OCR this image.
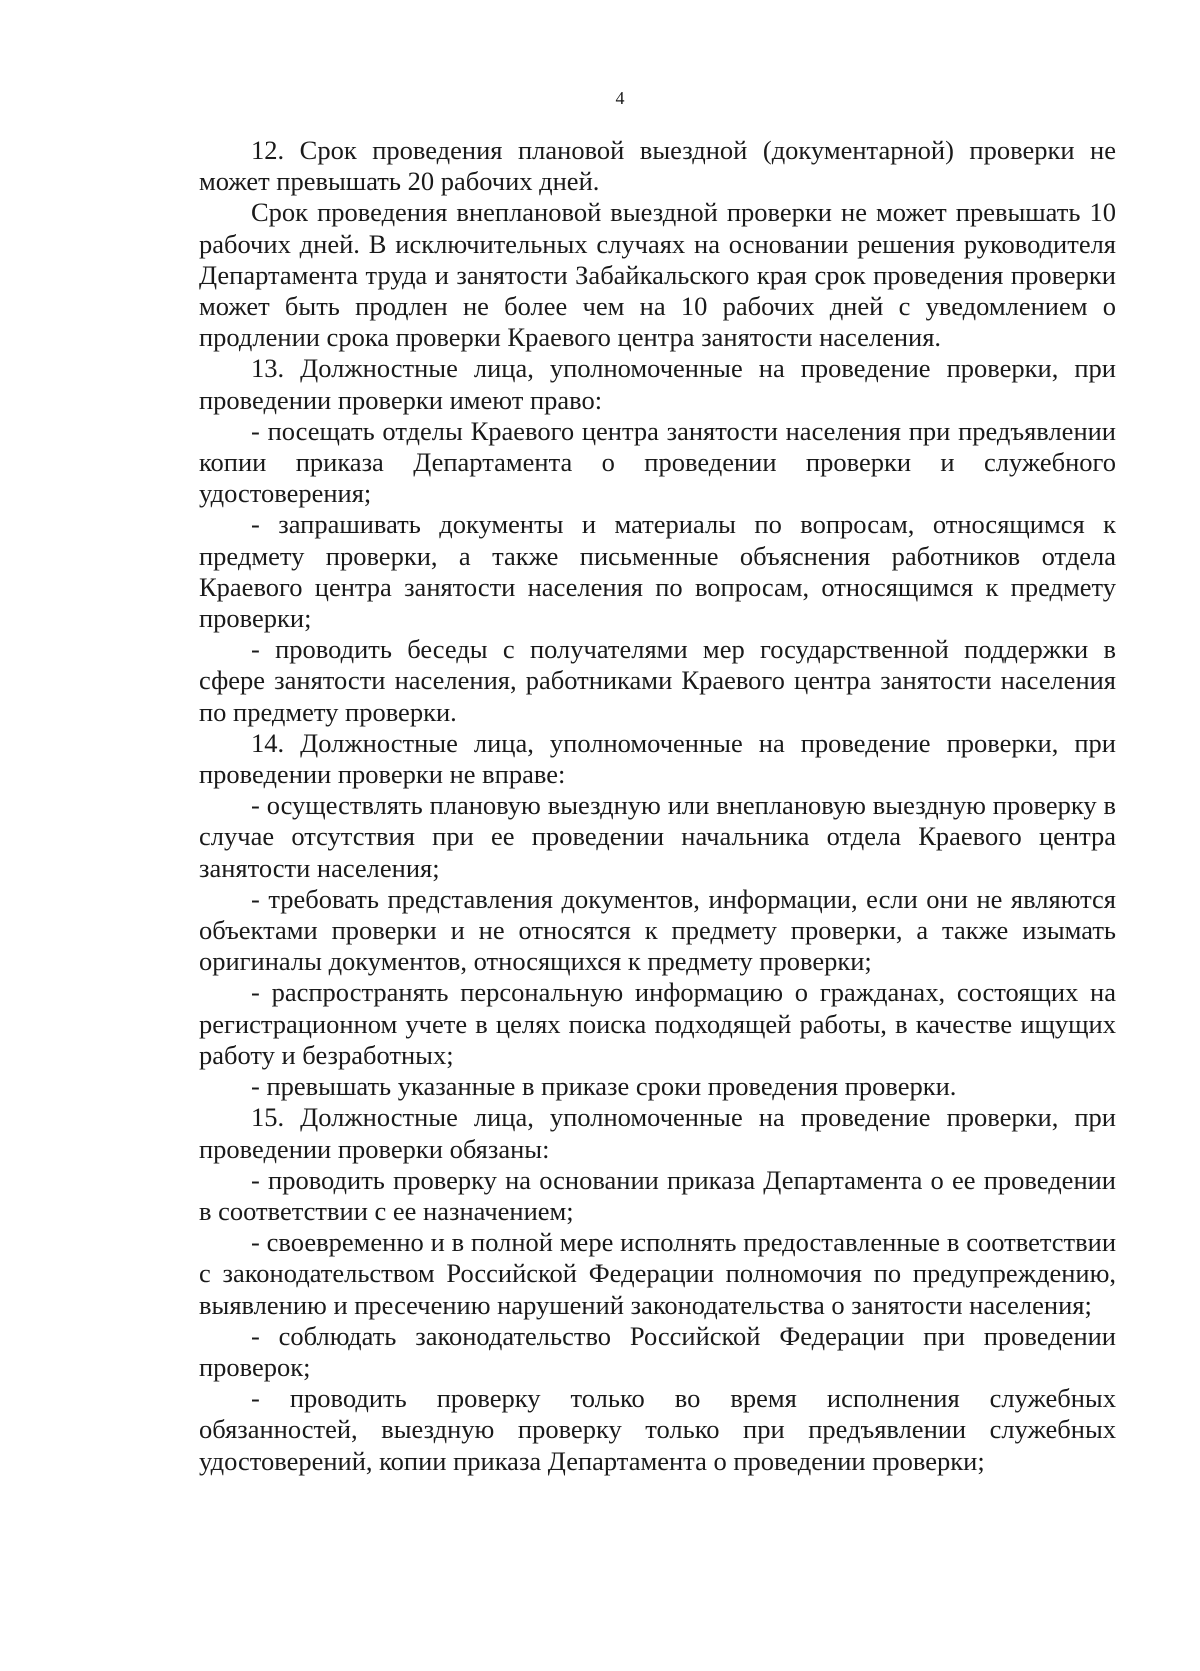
4

12. Срок проведения плановой выездной (документарной) проверки не может превышать 20 рабочих дней.

Срок проведения внеплановой выездной проверки не может превышать 10 рабочих дней. В исключительных случаях на основании решения руководителя Департамента труда и занятости Забайкальского края срок проведения проверки может быть продлен не более чем на 10 рабочих дней с уведомлением о продлении срока проверки Краевого центра занятости населения.

13. Должностные лица, уполномоченные на проведение проверки, при проведении проверки имеют право:

- посещать отделы Краевого центра занятости населения при предъявлении копии приказа Департамента о проведении проверки и служебного удостоверения;

- запрашивать документы и материалы по вопросам, относящимся к предмету проверки, а также письменные объяснения работников отдела Краевого центра занятости населения по вопросам, относящимся к предмету проверки;

- проводить беседы с получателями мер государственной поддержки в сфере занятости населения, работниками Краевого центра занятости населения по предмету проверки.

14. Должностные лица, уполномоченные на проведение проверки, при проведении проверки не вправе:

- осуществлять плановую выездную или внеплановую выездную проверку в случае отсутствия при ее проведении начальника отдела Краевого центра занятости населения;

- требовать представления документов, информации, если они не являются объектами проверки и не относятся к предмету проверки, а также изымать оригиналы документов, относящихся к предмету проверки;

- распространять персональную информацию о гражданах, состоящих на регистрационном учете в целях поиска подходящей работы, в качестве ищущих работу и безработных;

- превышать указанные в приказе сроки проведения проверки.

15. Должностные лица, уполномоченные на проведение проверки, при проведении проверки обязаны:

- проводить проверку на основании приказа Департамента о ее проведении в соответствии с ее назначением;

- своевременно и в полной мере исполнять предоставленные в соответствии с законодательством Российской Федерации полномочия по предупреждению, выявлению и пресечению нарушений законодательства о занятости населения;

- соблюдать законодательство Российской Федерации при проведении проверок;

- проводить проверку только во время исполнения служебных обязанностей, выездную проверку только при предъявлении служебных удостоверений, копии приказа Департамента о проведении проверки;
